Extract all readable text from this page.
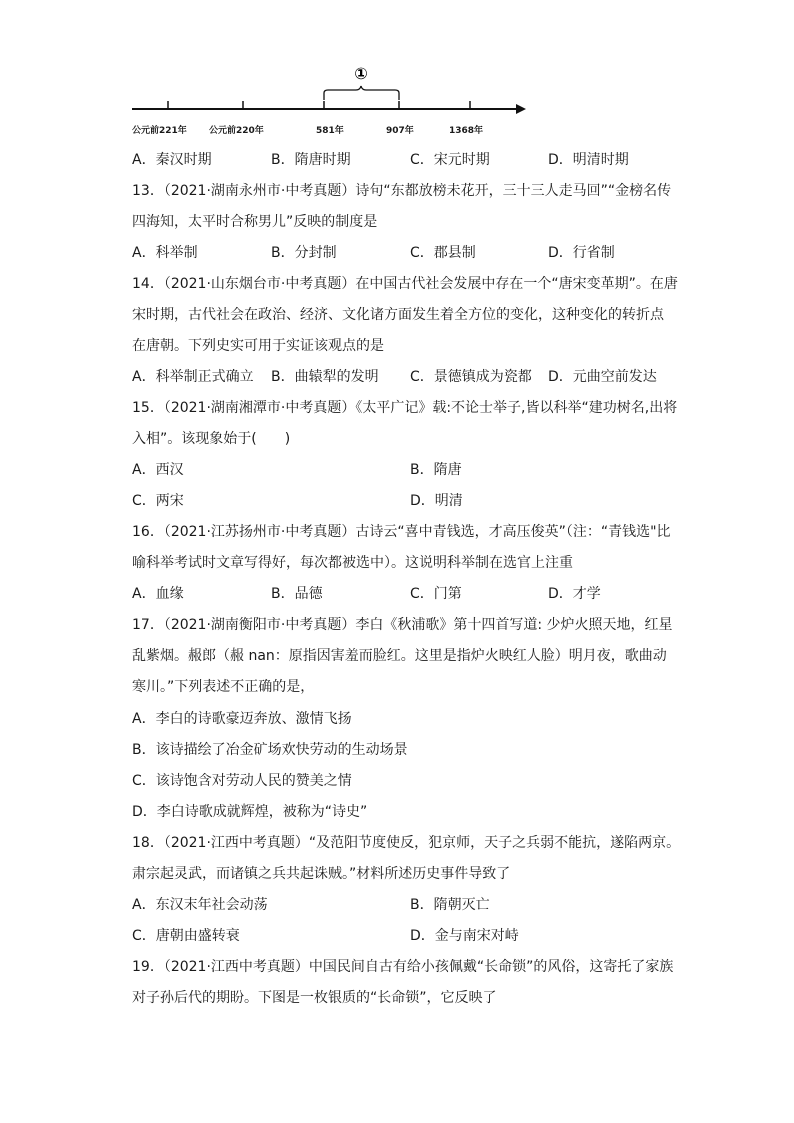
①
公元前221年 公元前220年	581年	907年	1368年
A．秦汉时期	B．隋唐时期	C．宋元时期	D．明清时期
13．（2021·湖南永州市·中考真题）诗句“东都放榜未花开，三十三人走马回”“金榜名传
四海知，太平时合称男儿”反映的制度是
A．科举制	B．分封制	C．郡县制	D．行省制
14．（2021·山东烟台市·中考真题）在中国古代社会发展中存在一个“唐宋变革期”。在唐
宋时期，古代社会在政治、经济、文化诸方面发生着全方位的变化，这种变化的转折点
在唐朝。下列史实可用于实证该观点的是
A．科举制正式确立 B．曲辕犁的发明 C．景德镇成为瓷都 D．元曲空前发达
15．（2021·湖南湘潭市·中考真题）《太平广记》载:不论士举子,皆以科举“建功树名,出将
入相”。该现象始于(　　)
A．西汉	B．隋唐
C．两宋	D．明清
16．（2021·江苏扬州市·中考真题）古诗云“喜中青钱选，才高压俊英”（注：“青钱选"比
喻科举考试时文章写得好，每次都被选中）。这说明科举制在选官上注重
A．血缘	B．品德	C．门第	D．才学
17．（2021·湖南衡阳市·中考真题）李白《秋浦歌》第十四首写道: 少炉火照天地，红星
乱紫烟。赧郎（赧 nan：原指因害羞而脸红。这里是指炉火映红人脸）明月夜，歌曲动
寒川。”下列表述不正确的是，
A．李白的诗歌豪迈奔放、激情飞扬
B．该诗描绘了冶金矿场欢快劳动的生动场景
C．该诗饱含对劳动人民的赞美之情
D．李白诗歌成就辉煌，被称为“诗史”
18．（2021·江西中考真题）“及范阳节度使反，犯京师，天子之兵弱不能抗，遂陷两京。
肃宗起灵武，而诸镇之兵共起诛贼。”材料所述历史事件导致了
A．东汉末年社会动荡	B．隋朝灭亡
C．唐朝由盛转衰	D．金与南宋对峙
19．（2021·江西中考真题）中国民间自古有给小孩佩戴“长命锁”的风俗，这寄托了家族
对子孙后代的期盼。下图是一枚银质的“长命锁”，它反映了
